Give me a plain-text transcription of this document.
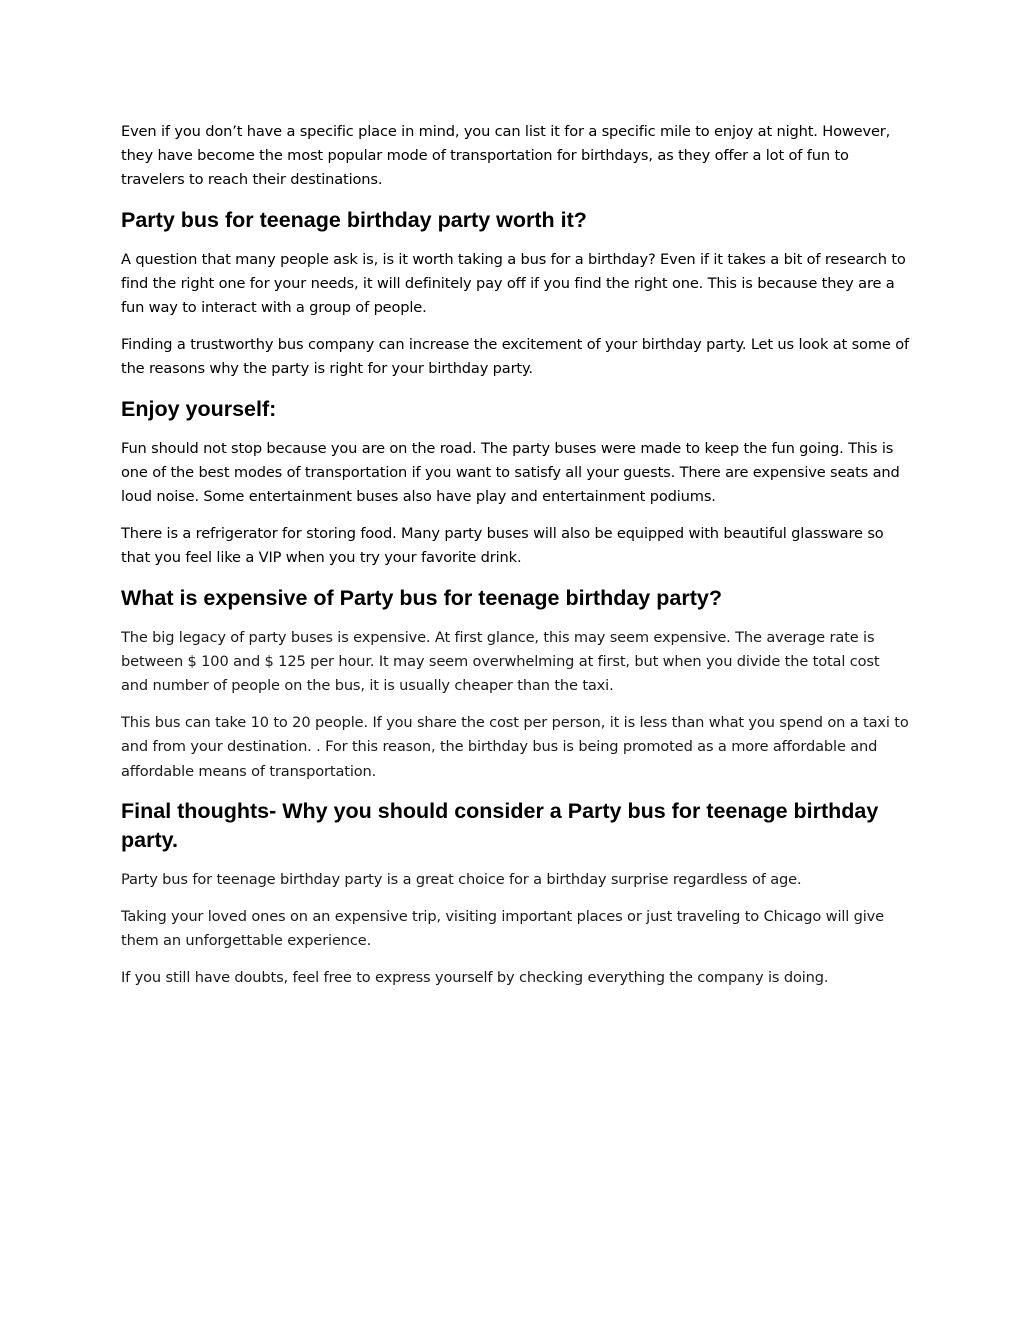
Even if you don’t have a specific place in mind, you can list it for a specific mile to enjoy at night. However, they have become the most popular mode of transportation for birthdays, as they offer a lot of fun to travelers to reach their destinations.

Party bus for teenage birthday party worth it?

A question that many people ask is, is it worth taking a bus for a birthday? Even if it takes a bit of research to find the right one for your needs, it will definitely pay off if you find the right one. This is because they are a fun way to interact with a group of people.

Finding a trustworthy bus company can increase the excitement of your birthday party. Let us look at some of the reasons why the party is right for your birthday party.

Enjoy yourself:

Fun should not stop because you are on the road. The party buses were made to keep the fun going. This is one of the best modes of transportation if you want to satisfy all your guests. There are expensive seats and loud noise. Some entertainment buses also have play and entertainment podiums.

There is a refrigerator for storing food. Many party buses will also be equipped with beautiful glassware so that you feel like a VIP when you try your favorite drink.

What is expensive of Party bus for teenage birthday party?

The big legacy of party buses is expensive. At first glance, this may seem expensive. The average rate is between $ 100 and $ 125 per hour. It may seem overwhelming at first, but when you divide the total cost and number of people on the bus, it is usually cheaper than the taxi.

This bus can take 10 to 20 people. If you share the cost per person, it is less than what you spend on a taxi to and from your destination. . For this reason, the birthday bus is being promoted as a more affordable and affordable means of transportation.

Final thoughts- Why you should consider a Party bus for teenage birthday party.

Party bus for teenage birthday party is a great choice for a birthday surprise regardless of age.

Taking your loved ones on an expensive trip, visiting important places or just traveling to Chicago will give them an unforgettable experience.

If you still have doubts, feel free to express yourself by checking everything the company is doing.
